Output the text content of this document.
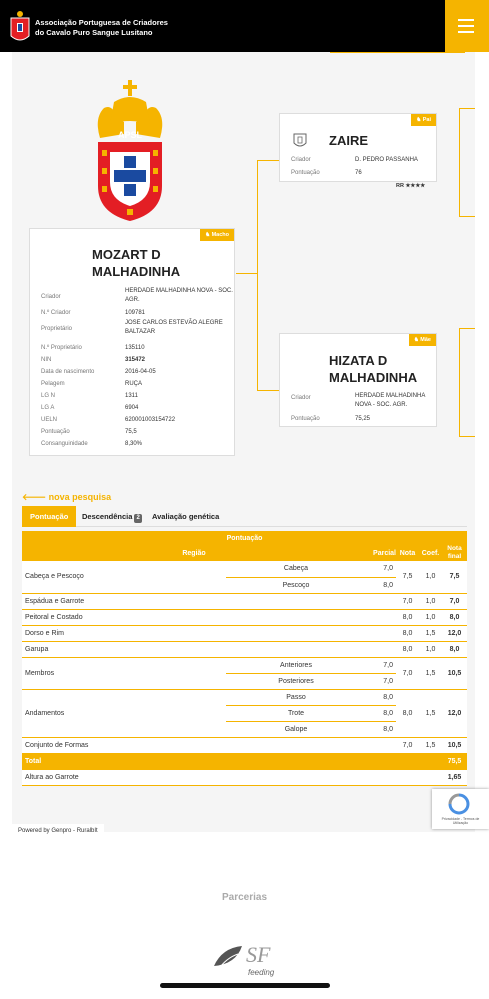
Associação Portuguesa de Criadores
do Cavalo Puro Sangue Lusitano
APSL
♞ Macho
MOZART D MALHADINHA
Criador
HERDADE MALHADINHA NOVA - SOC. AGR.
N.º Criador	109781
Proprietário
JOSE CARLOS ESTEVÃO ALEGRE BALTAZAR
N.º Proprietário	135110
NIN	315472
Data de nascimento	2016-04-05
Pelagem	RUÇA
LG N	1311
LG A	6904
UELN	620001003154722
Pontuação	75,5
Consanguinidade	8,30%
♞ Pai
ZAIRE
Criador	D. PEDRO PASSANHA
Pontuação	76
RR ★★★★
♞ Mãe
HIZATA D MALHADINHA
Criador	HERDADE MALHADINHA NOVA - SOC. AGR.
Pontuação	75,25
🡐 nova pesquisa
Pontuação	Descendência 2 Avaliação genética
Pontuação					
Região		Parcial	Nota	Coef.	Nota final
Cabeça e Pescoço	Cabeça	7,0	7,5	1,0	7,5
	Pescoço	8,0			
Espádua e Garrote			7,0	1,0	7,0
Peitoral e Costado			8,0	1,0	8,0
Dorso e Rim			8,0	1,5	12,0
Garupa			8,0	1,0	8,0
Membros	Anteriores	7,0	7,0	1,5	10,5
	Posteriores	7,0			
Andamentos	Passo	8,0	8,0	1,5	12,0
	Trote	8,0			
	Galope	8,0			
Conjunto de Formas			7,0	1,5	10,5
Total					75,5
Altura ao Garrote					1,65
Privacidade - Termos de Utilização
Powered by Genpro - RuralbIt
Parcerias
SF
feeding
